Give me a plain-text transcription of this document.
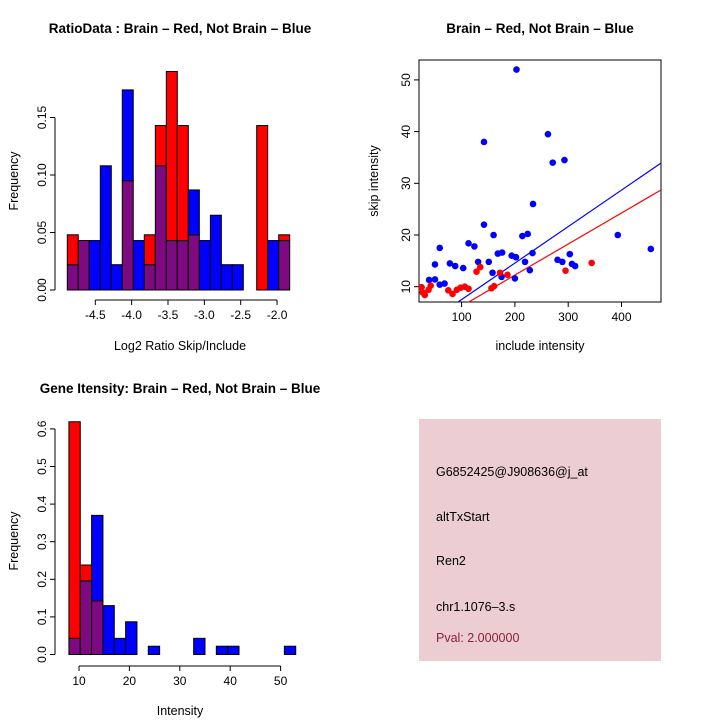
RatioData : Brain – Red, Not Brain – Blue
Frequency
0.00
0.05
0.10
0.15
-4.5 -4.0 -3.5 -3.0 -2.5 -2.0
Log2 Ratio Skip/Include
Brain – Red, Not Brain – Blue
skip intensity
100	200	300	400
10
20
30
40
50
include intensity
Gene Itensity: Brain – Red, Not Brain – Blue
Frequency
0.0
0.1
0.2
0.3
0.4
0.5
0.6
10	20	30	40	50
Intensity
G6852425@J908636@j_at
altTxStart
Ren2
chr1.1076–3.s
Pval: 2.000000
